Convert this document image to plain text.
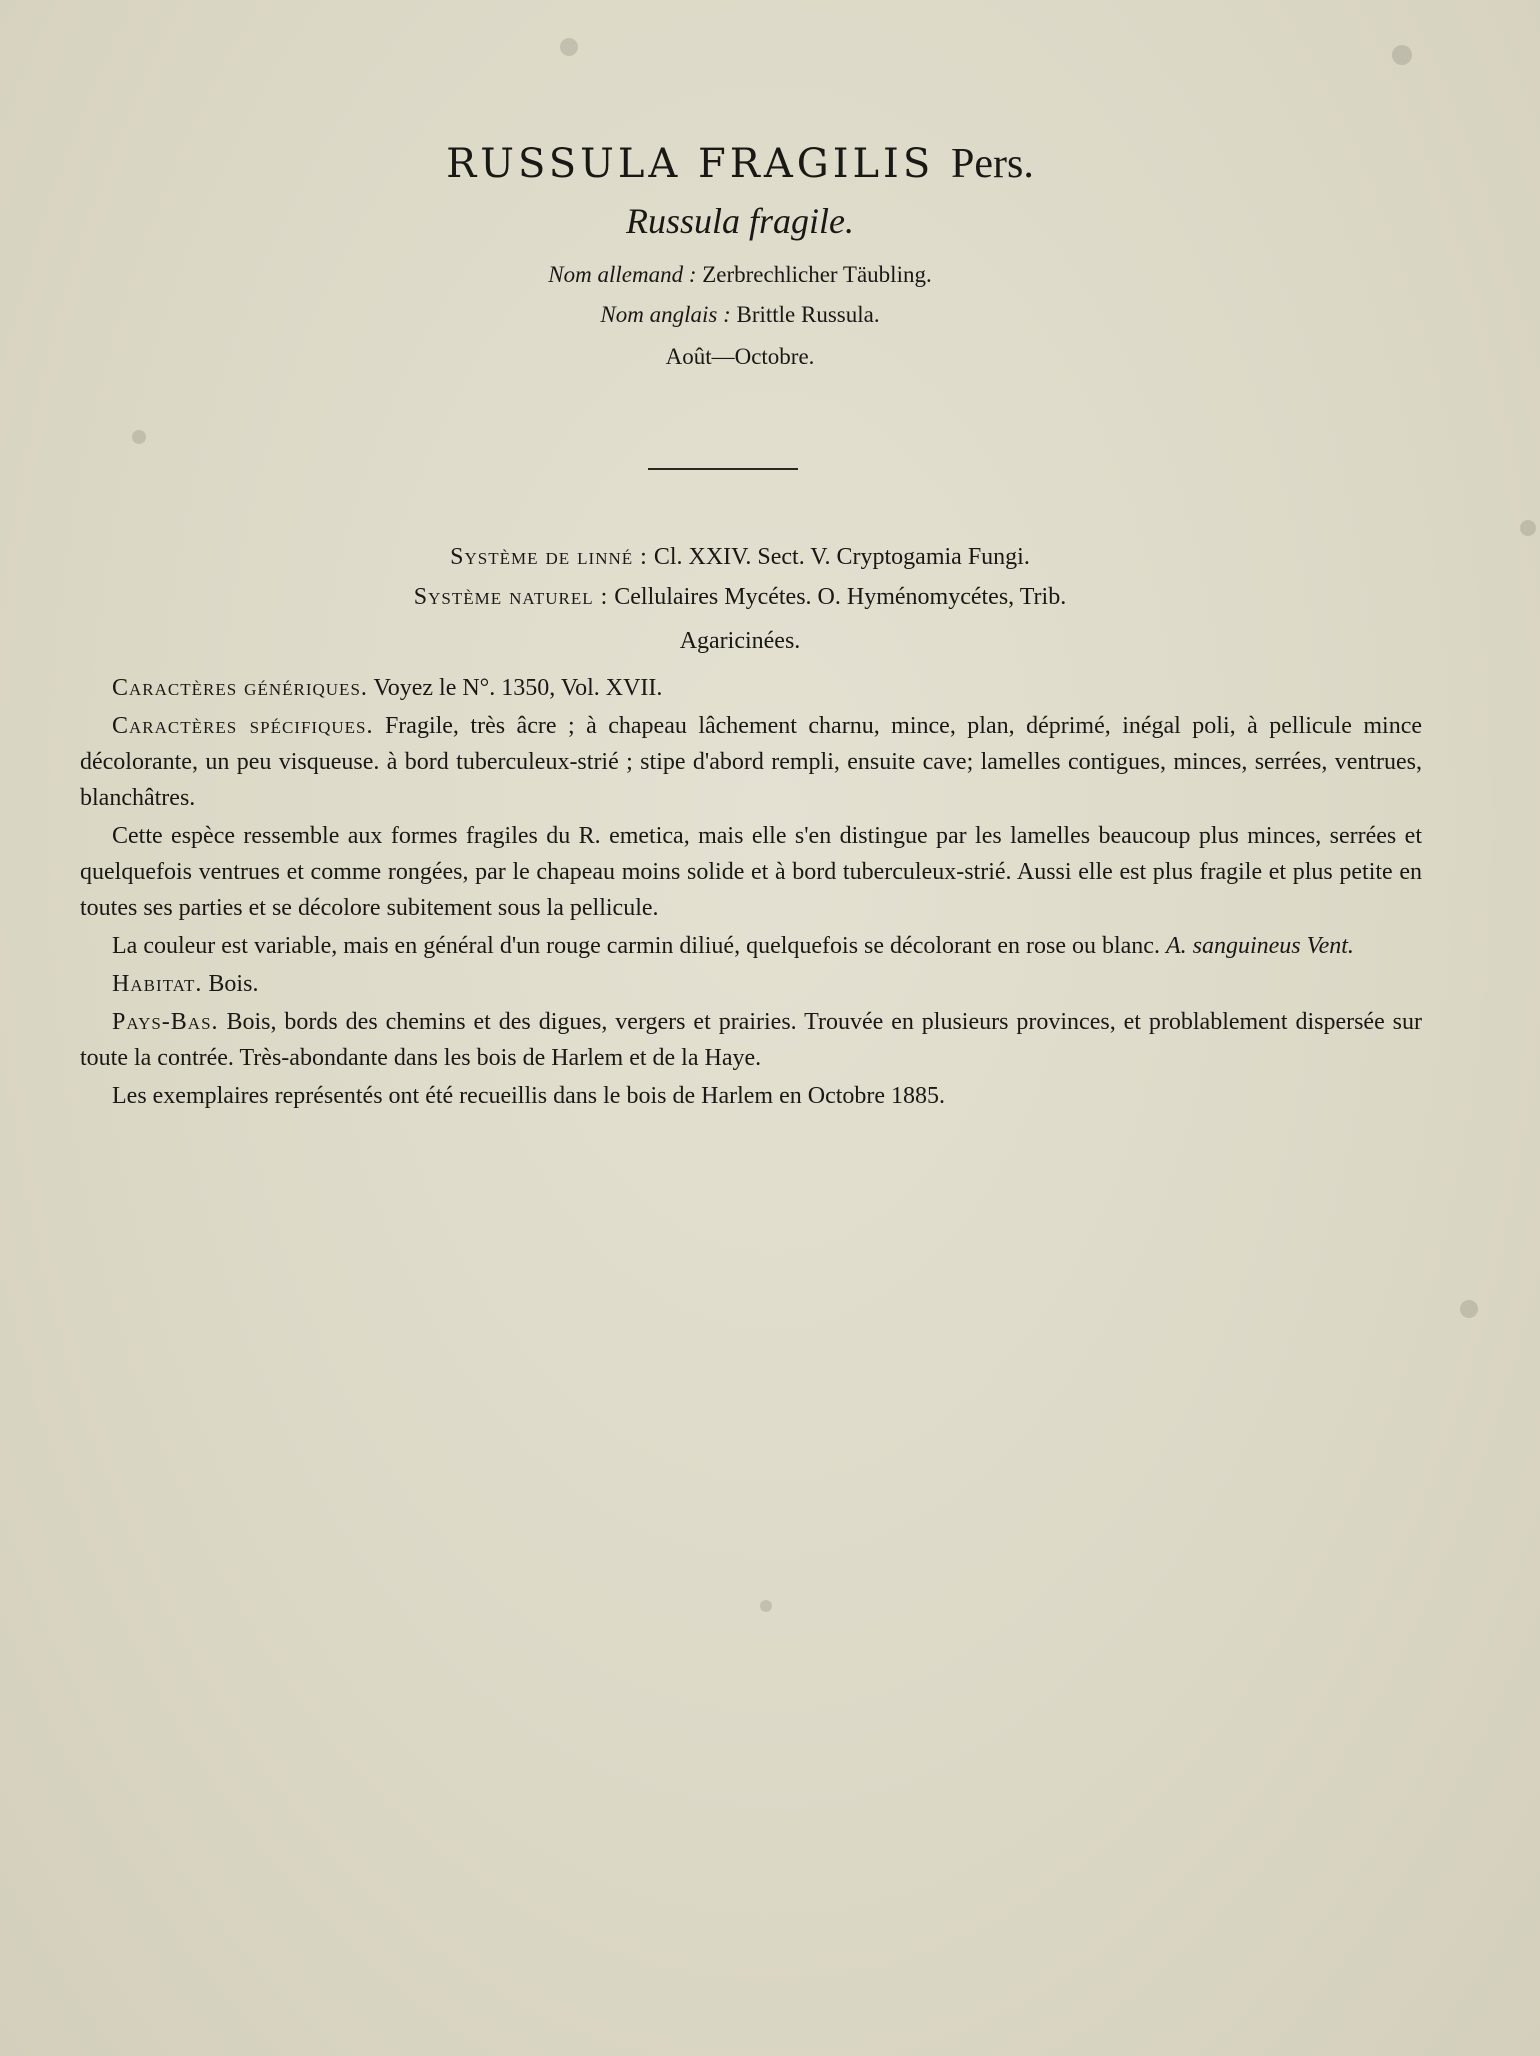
RUSSULA FRAGILIS Pers.
Russula fragile.
Nom allemand : Zerbrechlicher Täubling.
Nom anglais : Brittle Russula.
Août—Octobre.
Système de linné : Cl. XXIV. Sect. V. Cryptogamia Fungi.
Système naturel : Cellulaires Mycétes. O. Hyménomycétes, Trib.
Agaricinées.

Caractères génériques. Voyez le N°. 1350, Vol. XVII.

Caractères spécifiques. Fragile, très âcre ; à chapeau lâchement charnu, mince, plan, déprimé, inégal poli, à pellicule mince décolorante, un peu visqueuse. à bord tuberculeux-strié ; stipe d'abord rempli, ensuite cave; lamelles contigues, minces, serrées, ventrues, blanchâtres.

Cette espèce ressemble aux formes fragiles du R. emetica, mais elle s'en distingue par les lamelles beaucoup plus minces, serrées et quelquefois ventrues et comme rongées, par le chapeau moins solide et à bord tuberculeux-strié. Aussi elle est plus fragile et plus petite en toutes ses parties et se décolore subitement sous la pellicule.

La couleur est variable, mais en général d'un rouge carmin diliué, quelquefois se décolorant en rose ou blanc. A. sanguineus Vent.

Habitat. Bois.

Pays-Bas. Bois, bords des chemins et des digues, vergers et prairies. Trouvée en plusieurs provinces, et problablement dispersée sur toute la contrée. Très-abondante dans les bois de Harlem et de la Haye.

Les exemplaires représentés ont été recueillis dans le bois de Harlem en Octobre 1885.
